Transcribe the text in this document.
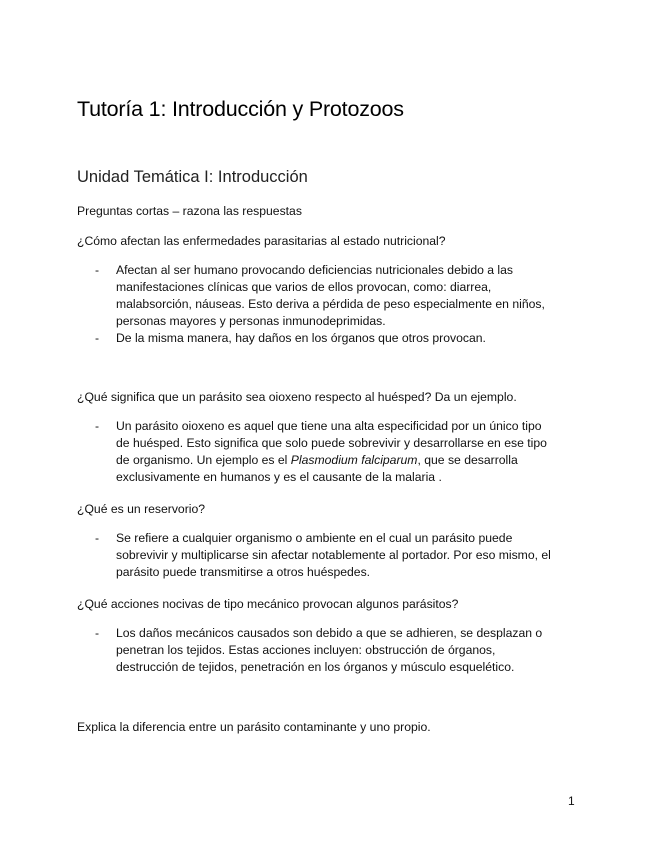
Tutoría 1: Introducción y Protozoos
Unidad Temática I: Introducción
Preguntas cortas – razona las respuestas
¿Cómo afectan las enfermedades parasitarias al estado nutricional?
- Afectan al ser humano provocando deficiencias nutricionales debido a las
manifestaciones clínicas que varios de ellos provocan, como: diarrea,
malabsorción, náuseas. Esto deriva a pérdida de peso especialmente en niños,
personas mayores y personas inmunodeprimidas.
- De la misma manera, hay daños en los órganos que otros provocan.
¿Qué significa que un parásito sea oioxeno respecto al huésped? Da un ejemplo.
- Un parásito oioxeno es aquel que tiene una alta especificidad por un único tipo
de huésped. Esto significa que solo puede sobrevivir y desarrollarse en ese tipo
de organismo. Un ejemplo es el Plasmodium falciparum, que se desarrolla
exclusivamente en humanos y es el causante de la malaria .
¿Qué es un reservorio?
- Se refiere a cualquier organismo o ambiente en el cual un parásito puede
sobrevivir y multiplicarse sin afectar notablemente al portador. Por eso mismo, el
parásito puede transmitirse a otros huéspedes.
¿Qué acciones nocivas de tipo mecánico provocan algunos parásitos?
- Los daños mecánicos causados son debido a que se adhieren, se desplazan o
penetran los tejidos. Estas acciones incluyen: obstrucción de órganos,
destrucción de tejidos, penetración en los órganos y músculo esquelético.
Explica la diferencia entre un parásito contaminante y uno propio.
1
